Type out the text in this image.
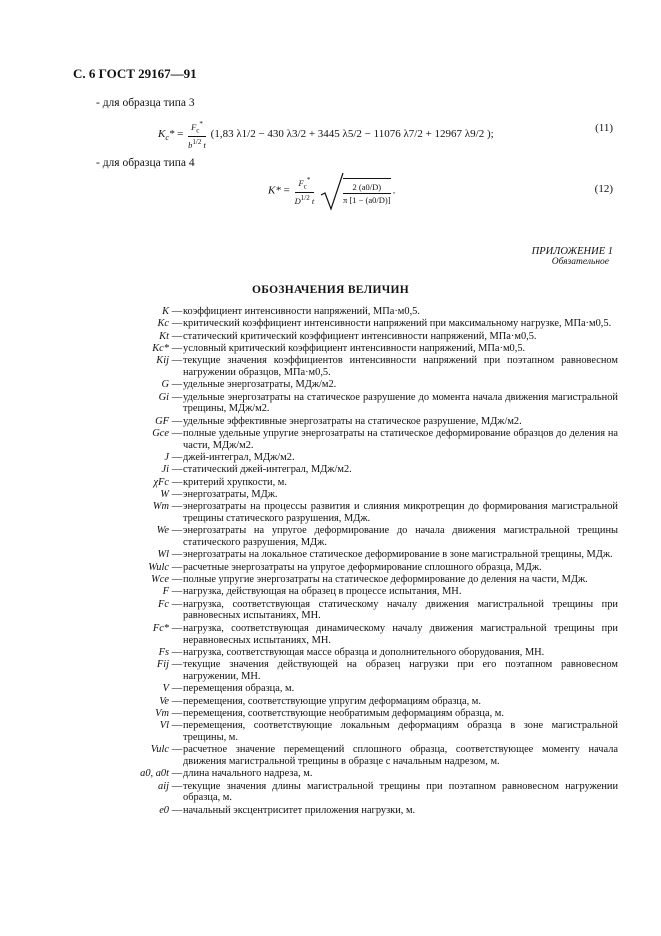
С. 6 ГОСТ 29167—91
- для образца типа 3
$K_c* = \frac{F_c^*}{b^{1/2} t} (1,83$ λ1/2 − 430 λ3/2 + 3445 λ5/2 − 11076 λ7/2 + 12967 λ9/2 );
(11)
- для образца типа 4
$K* = \frac{F_c^*}{D^{1/2} t}$
	$\frac{2 (a0/D)}{\pi [1 - (a0/D)]}$ .	(12)
ПРИЛОЖЕНИЕ 1
Обязательное
ОБОЗНАЧЕНИЯ ВЕЛИЧИН
K — коэффициент интенсивности напряжений, МПа·м0,5.
Kc — критический коэффициент интенсивности напряжений при максимальному нагрузке, МПа·м0,5.
Kt — статический критический коэффициент интенсивности напряжений, МПа·м0,5.
Kc* — условный критический коэффициент интенсивности напряжений, МПа·м0,5.
Kij — текущие значения коэффициентов интенсивности напряжений при поэтапном равновесном нагружении образцов, МПа·м0,5.
G — удельные энергозатраты, МДж/м2.
Gi — удельные энергозатраты на статическое разрушение до момента начала движения магистральной трещины, МДж/м2.
GF — удельные эффективные энергозатраты на статическое разрушение, МДж/м2.
Gce — полные удельные упругие энергозатраты на статическое деформирование образцов до деления на части, МДж/м2.
J — джей-интеграл, МДж/м2.
Ji — статический джей-интеграл, МДж/м2.
χFc — критерий хрупкости, м.
W — энергозатраты, МДж.
Wm — энергозатраты на процессы развития и слияния микротрещин до формирования магистральной трещины статического разрушения, МДж.
We — энергозатраты на упругое деформирование до начала движения магистральной трещины статического разрушения, МДж.
Wl — энергозатраты на локальное статическое деформирование в зоне магистральной трещины, МДж.
Wulc — расчетные энергозатраты на упругое деформирование сплошного образца, МДж.
Wce — полные упругие энергозатраты на статическое деформирование до деления на части, МДж.
F — нагрузка, действующая на образец в процессе испытания, МН.
Fc — нагрузка, соответствующая статическому началу движения магистральной трещины при равновесных испытаниях, МН.
Fc* — нагрузка, соответствующая динамическому началу движения магистральной трещины при неравновесных испытаниях, МН.
Fs — нагрузка, соответствующая массе образца и дополнительного оборудования, МН.
Fij — текущие значения действующей на образец нагрузки при его поэтапном равновесном нагружении, МН.
V — перемещения образца, м.
Ve — перемещения, соответствующие упругим деформациям образца, м.
Vm — перемещения, соответствующие необратимым деформациям образца, м.
Vl — перемещения, соответствующие локальным деформациям образца в зоне магистральной трещины, м.
Vulc — расчетное значение перемещений сплошного образца, соответствующее моменту начала движения магистральной трещины в образце с начальным надрезом, м.
a0, a0t — длина начального надреза, м.
aij — текущие значения длины магистральной трещины при поэтапном равновесном нагружении образца, м.
e0 — начальный эксцентриситет приложения нагрузки, м.
